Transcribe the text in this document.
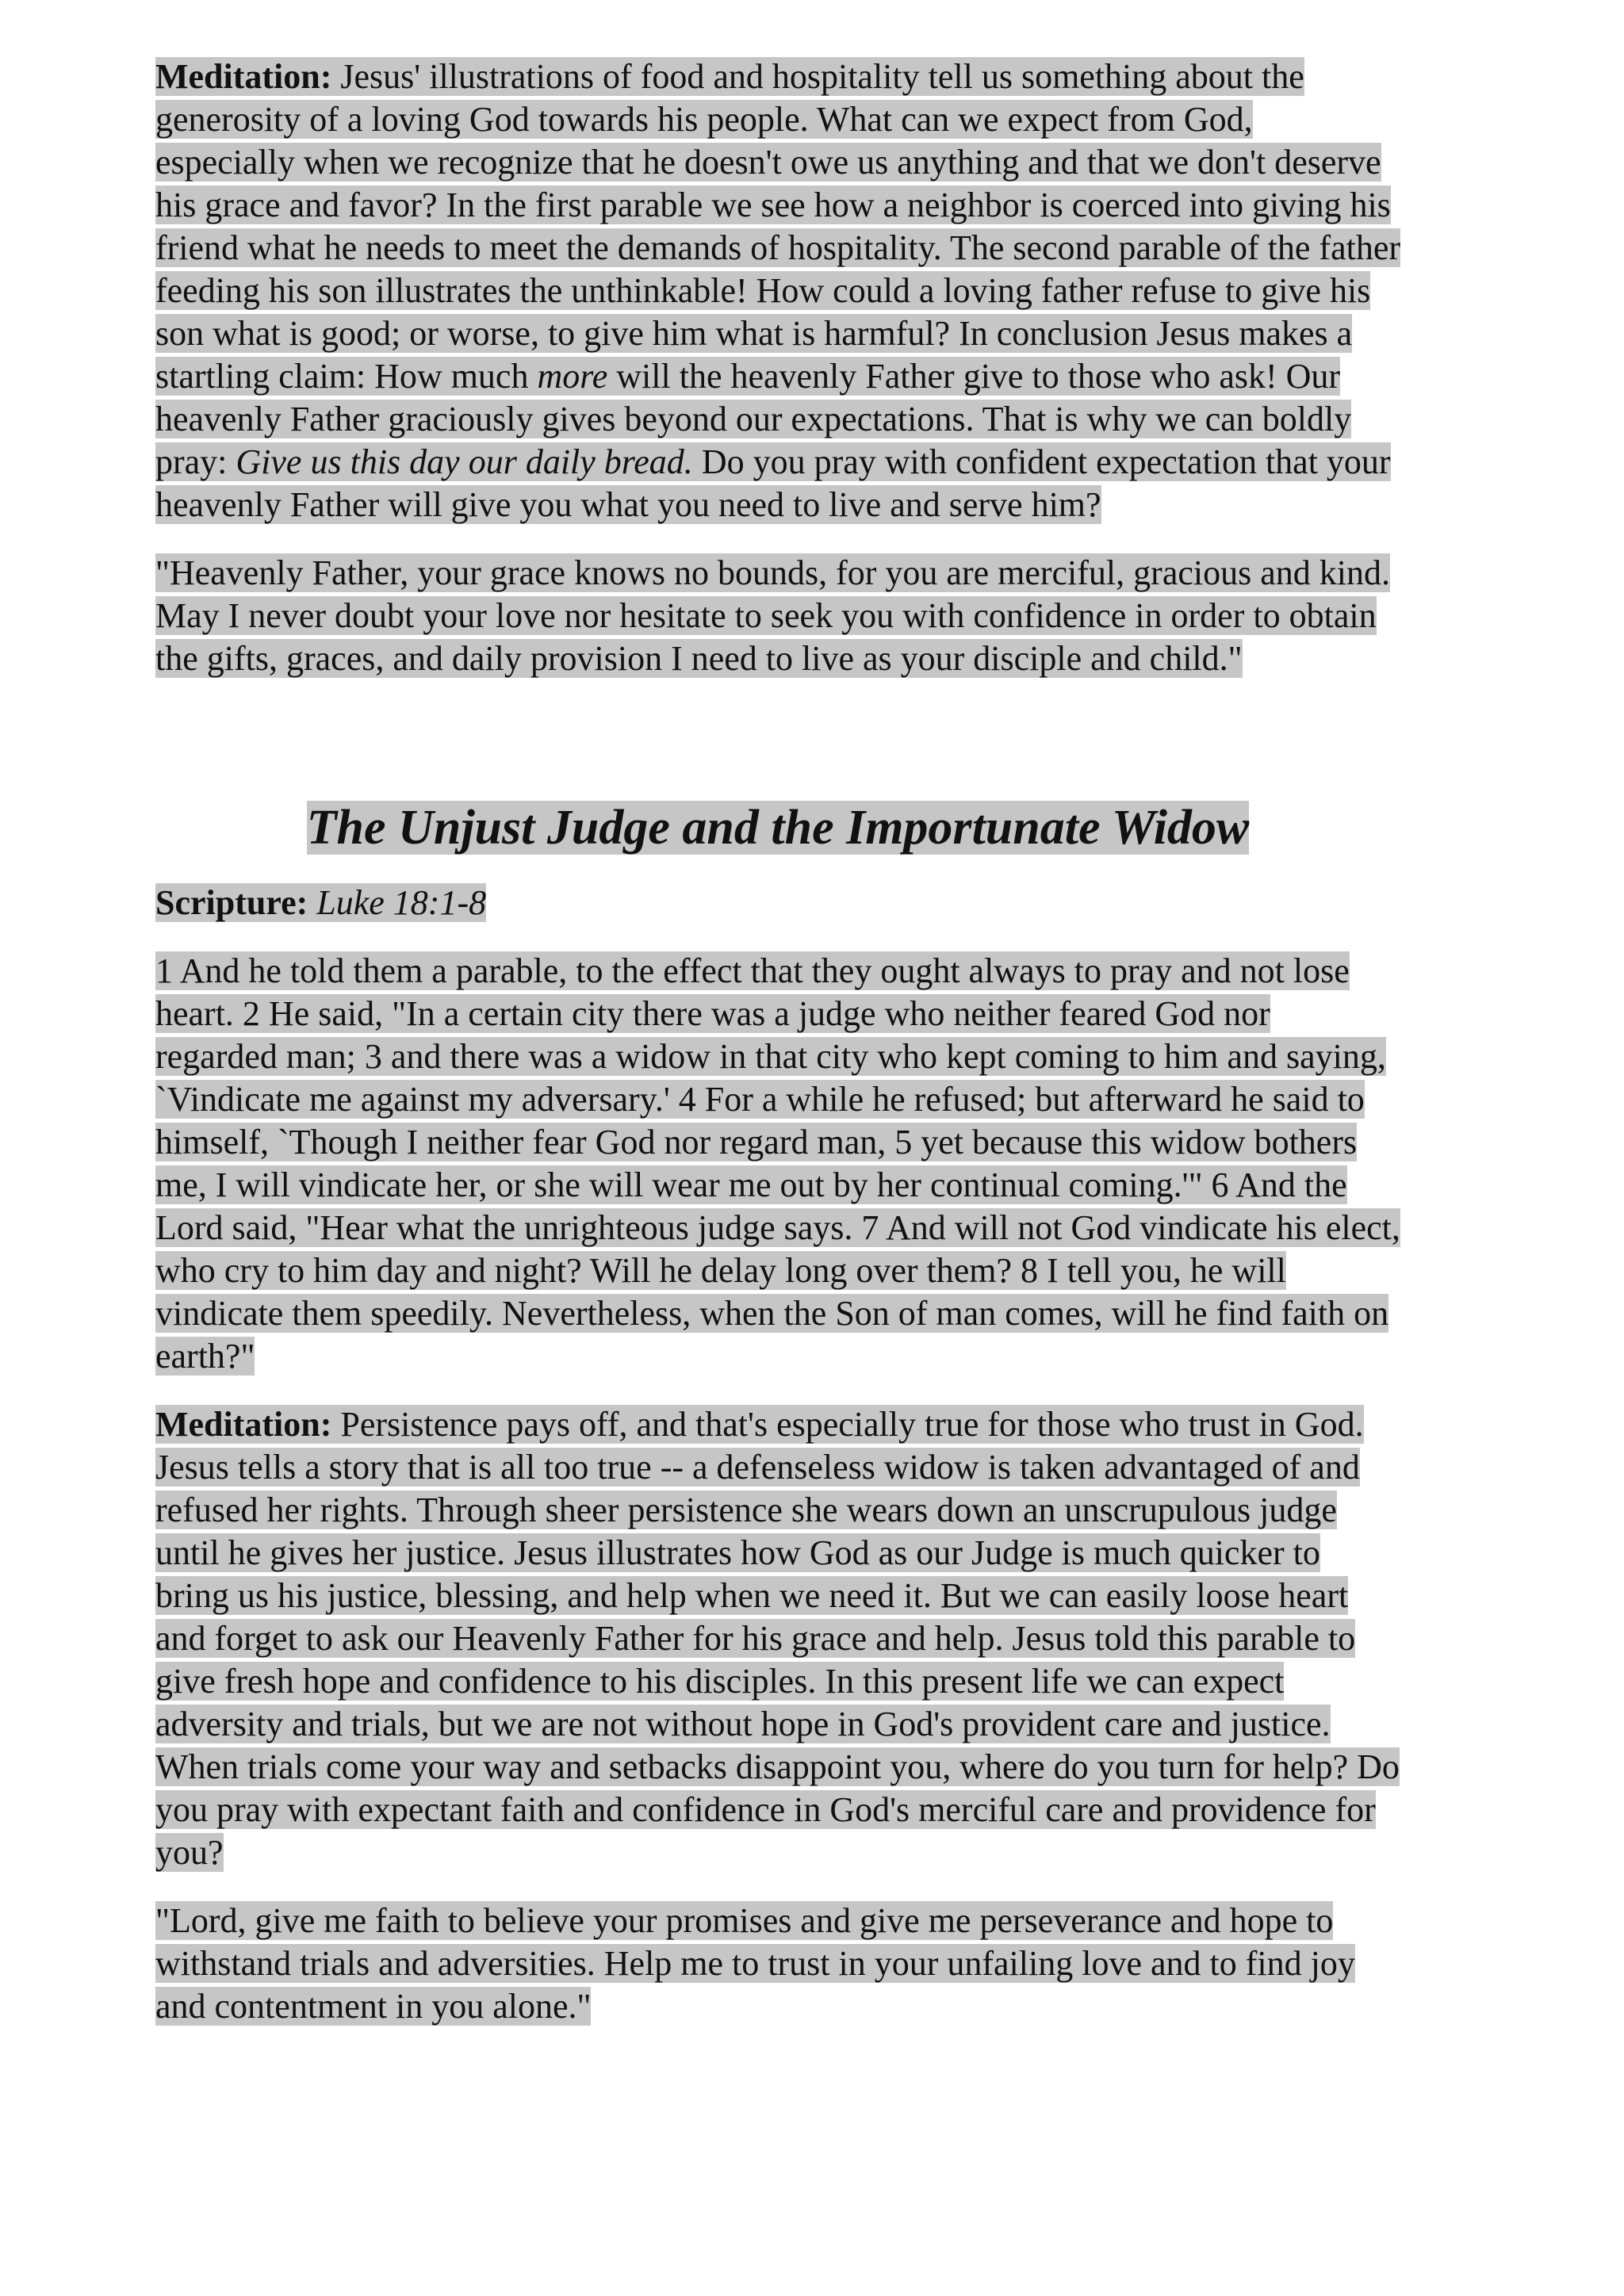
Meditation: Jesus' illustrations of food and hospitality tell us something about the generosity of a loving God towards his people. What can we expect from God, especially when we recognize that he doesn't owe us anything and that we don't deserve his grace and favor? In the first parable we see how a neighbor is coerced into giving his friend what he needs to meet the demands of hospitality. The second parable of the father feeding his son illustrates the unthinkable! How could a loving father refuse to give his son what is good; or worse, to give him what is harmful? In conclusion Jesus makes a startling claim: How much more will the heavenly Father give to those who ask! Our heavenly Father graciously gives beyond our expectations. That is why we can boldly pray: Give us this day our daily bread. Do you pray with confident expectation that your heavenly Father will give you what you need to live and serve him?

"Heavenly Father, your grace knows no bounds, for you are merciful, gracious and kind. May I never doubt your love nor hesitate to seek you with confidence in order to obtain the gifts, graces, and daily provision I need to live as your disciple and child."

The Unjust Judge and the Importunate Widow

Scripture: Luke 18:1-8

1 And he told them a parable, to the effect that they ought always to pray and not lose heart. 2 He said, "In a certain city there was a judge who neither feared God nor regarded man; 3 and there was a widow in that city who kept coming to him and saying, `Vindicate me against my adversary.' 4 For a while he refused; but afterward he said to himself, `Though I neither fear God nor regard man, 5 yet because this widow bothers me, I will vindicate her, or she will wear me out by her continual coming.'" 6 And the Lord said, "Hear what the unrighteous judge says. 7 And will not God vindicate his elect, who cry to him day and night? Will he delay long over them? 8 I tell you, he will vindicate them speedily. Nevertheless, when the Son of man comes, will he find faith on earth?"

Meditation: Persistence pays off, and that's especially true for those who trust in God. Jesus tells a story that is all too true -- a defenseless widow is taken advantaged of and refused her rights. Through sheer persistence she wears down an unscrupulous judge until he gives her justice. Jesus illustrates how God as our Judge is much quicker to bring us his justice, blessing, and help when we need it. But we can easily loose heart and forget to ask our Heavenly Father for his grace and help. Jesus told this parable to give fresh hope and confidence to his disciples. In this present life we can expect adversity and trials, but we are not without hope in God's provident care and justice. When trials come your way and setbacks disappoint you, where do you turn for help? Do you pray with expectant faith and confidence in God's merciful care and providence for you?

"Lord, give me faith to believe your promises and give me perseverance and hope to withstand trials and adversities. Help me to trust in your unfailing love and to find joy and contentment in you alone."
